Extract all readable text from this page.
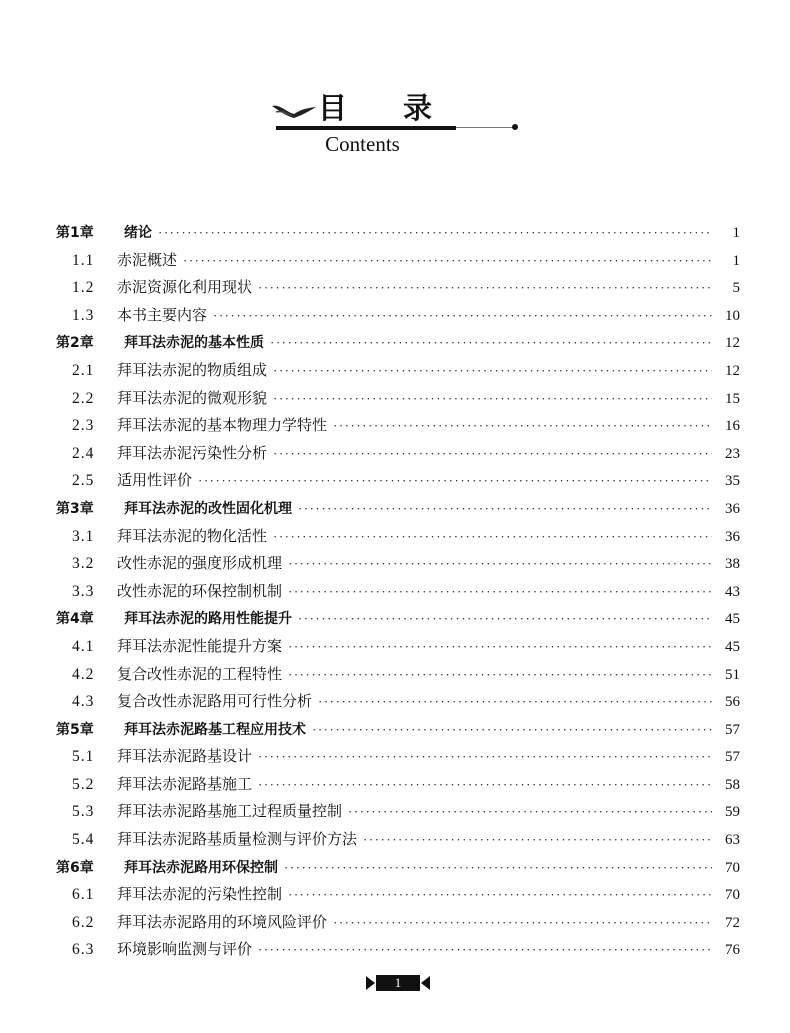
目录
Contents
第1章	绪论 ·····	1
1.1	赤泥概述 ·····	1
1.2	赤泥资源化利用现状 ·····	5
1.3	本书主要内容 ·····	10
第2章	拜耳法赤泥的基本性质 ·····	12
2.1	拜耳法赤泥的物质组成 ·····	12
2.2	拜耳法赤泥的微观形貌 ·····	15
2.3	拜耳法赤泥的基本物理力学特性 ·····	16
2.4	拜耳法赤泥污染性分析 ·····	23
2.5	适用性评价 ·····	35
第3章	拜耳法赤泥的改性固化机理 ·····	36
3.1	拜耳法赤泥的物化活性 ·····	36
3.2	改性赤泥的强度形成机理 ·····	38
3.3	改性赤泥的环保控制机制 ·····	43
第4章	拜耳法赤泥的路用性能提升 ·····	45
4.1	拜耳法赤泥性能提升方案 ·····	45
4.2	复合改性赤泥的工程特性 ·····	51
4.3	复合改性赤泥路用可行性分析 ·····	56
第5章	拜耳法赤泥路基工程应用技术 ·····	57
5.1	拜耳法赤泥路基设计 ·····	57
5.2	拜耳法赤泥路基施工 ·····	58
5.3	拜耳法赤泥路基施工过程质量控制 ·····	59
5.4	拜耳法赤泥路基质量检测与评价方法 ·····	63
第6章	拜耳法赤泥路用环保控制 ·····	70
6.1	拜耳法赤泥的污染性控制 ·····	70
6.2	拜耳法赤泥路用的环境风险评价 ·····	72
6.3	环境影响监测与评价 ·····	76
1
